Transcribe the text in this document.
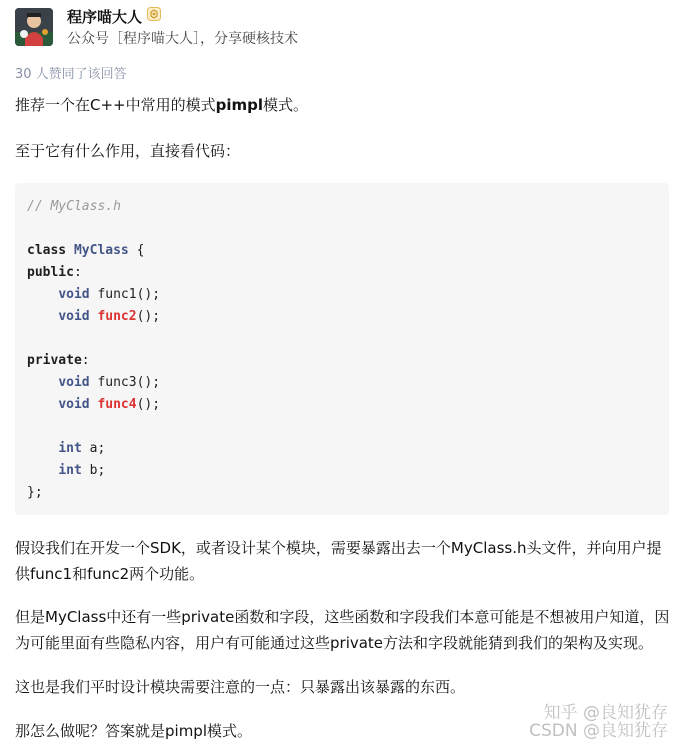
程序喵大人
公众号［程序喵大人］，分享硬核技术
30 人赞同了该回答

推荐一个在C++中常用的模式pimpl模式。

至于它有什么作用，直接看代码：

// MyClass.h
class MyClass {
public:
void func1();
void func2();
private:
void func3();
void func4();
int a;
int b;
};

假设我们在开发一个SDK，或者设计某个模块，需要暴露出去一个MyClass.h头文件，并向用户提供func1和func2两个功能。

但是MyClass中还有一些private函数和字段，这些函数和字段我们本意可能是不想被用户知道，因为可能里面有些隐私内容，用户有可能通过这些private方法和字段就能猜到我们的架构及实现。

这也是我们平时设计模块需要注意的一点：只暴露出该暴露的东西。

那怎么做呢？答案就是pimpl模式。

知乎 @良知犹存
CSDN @良知犹存
